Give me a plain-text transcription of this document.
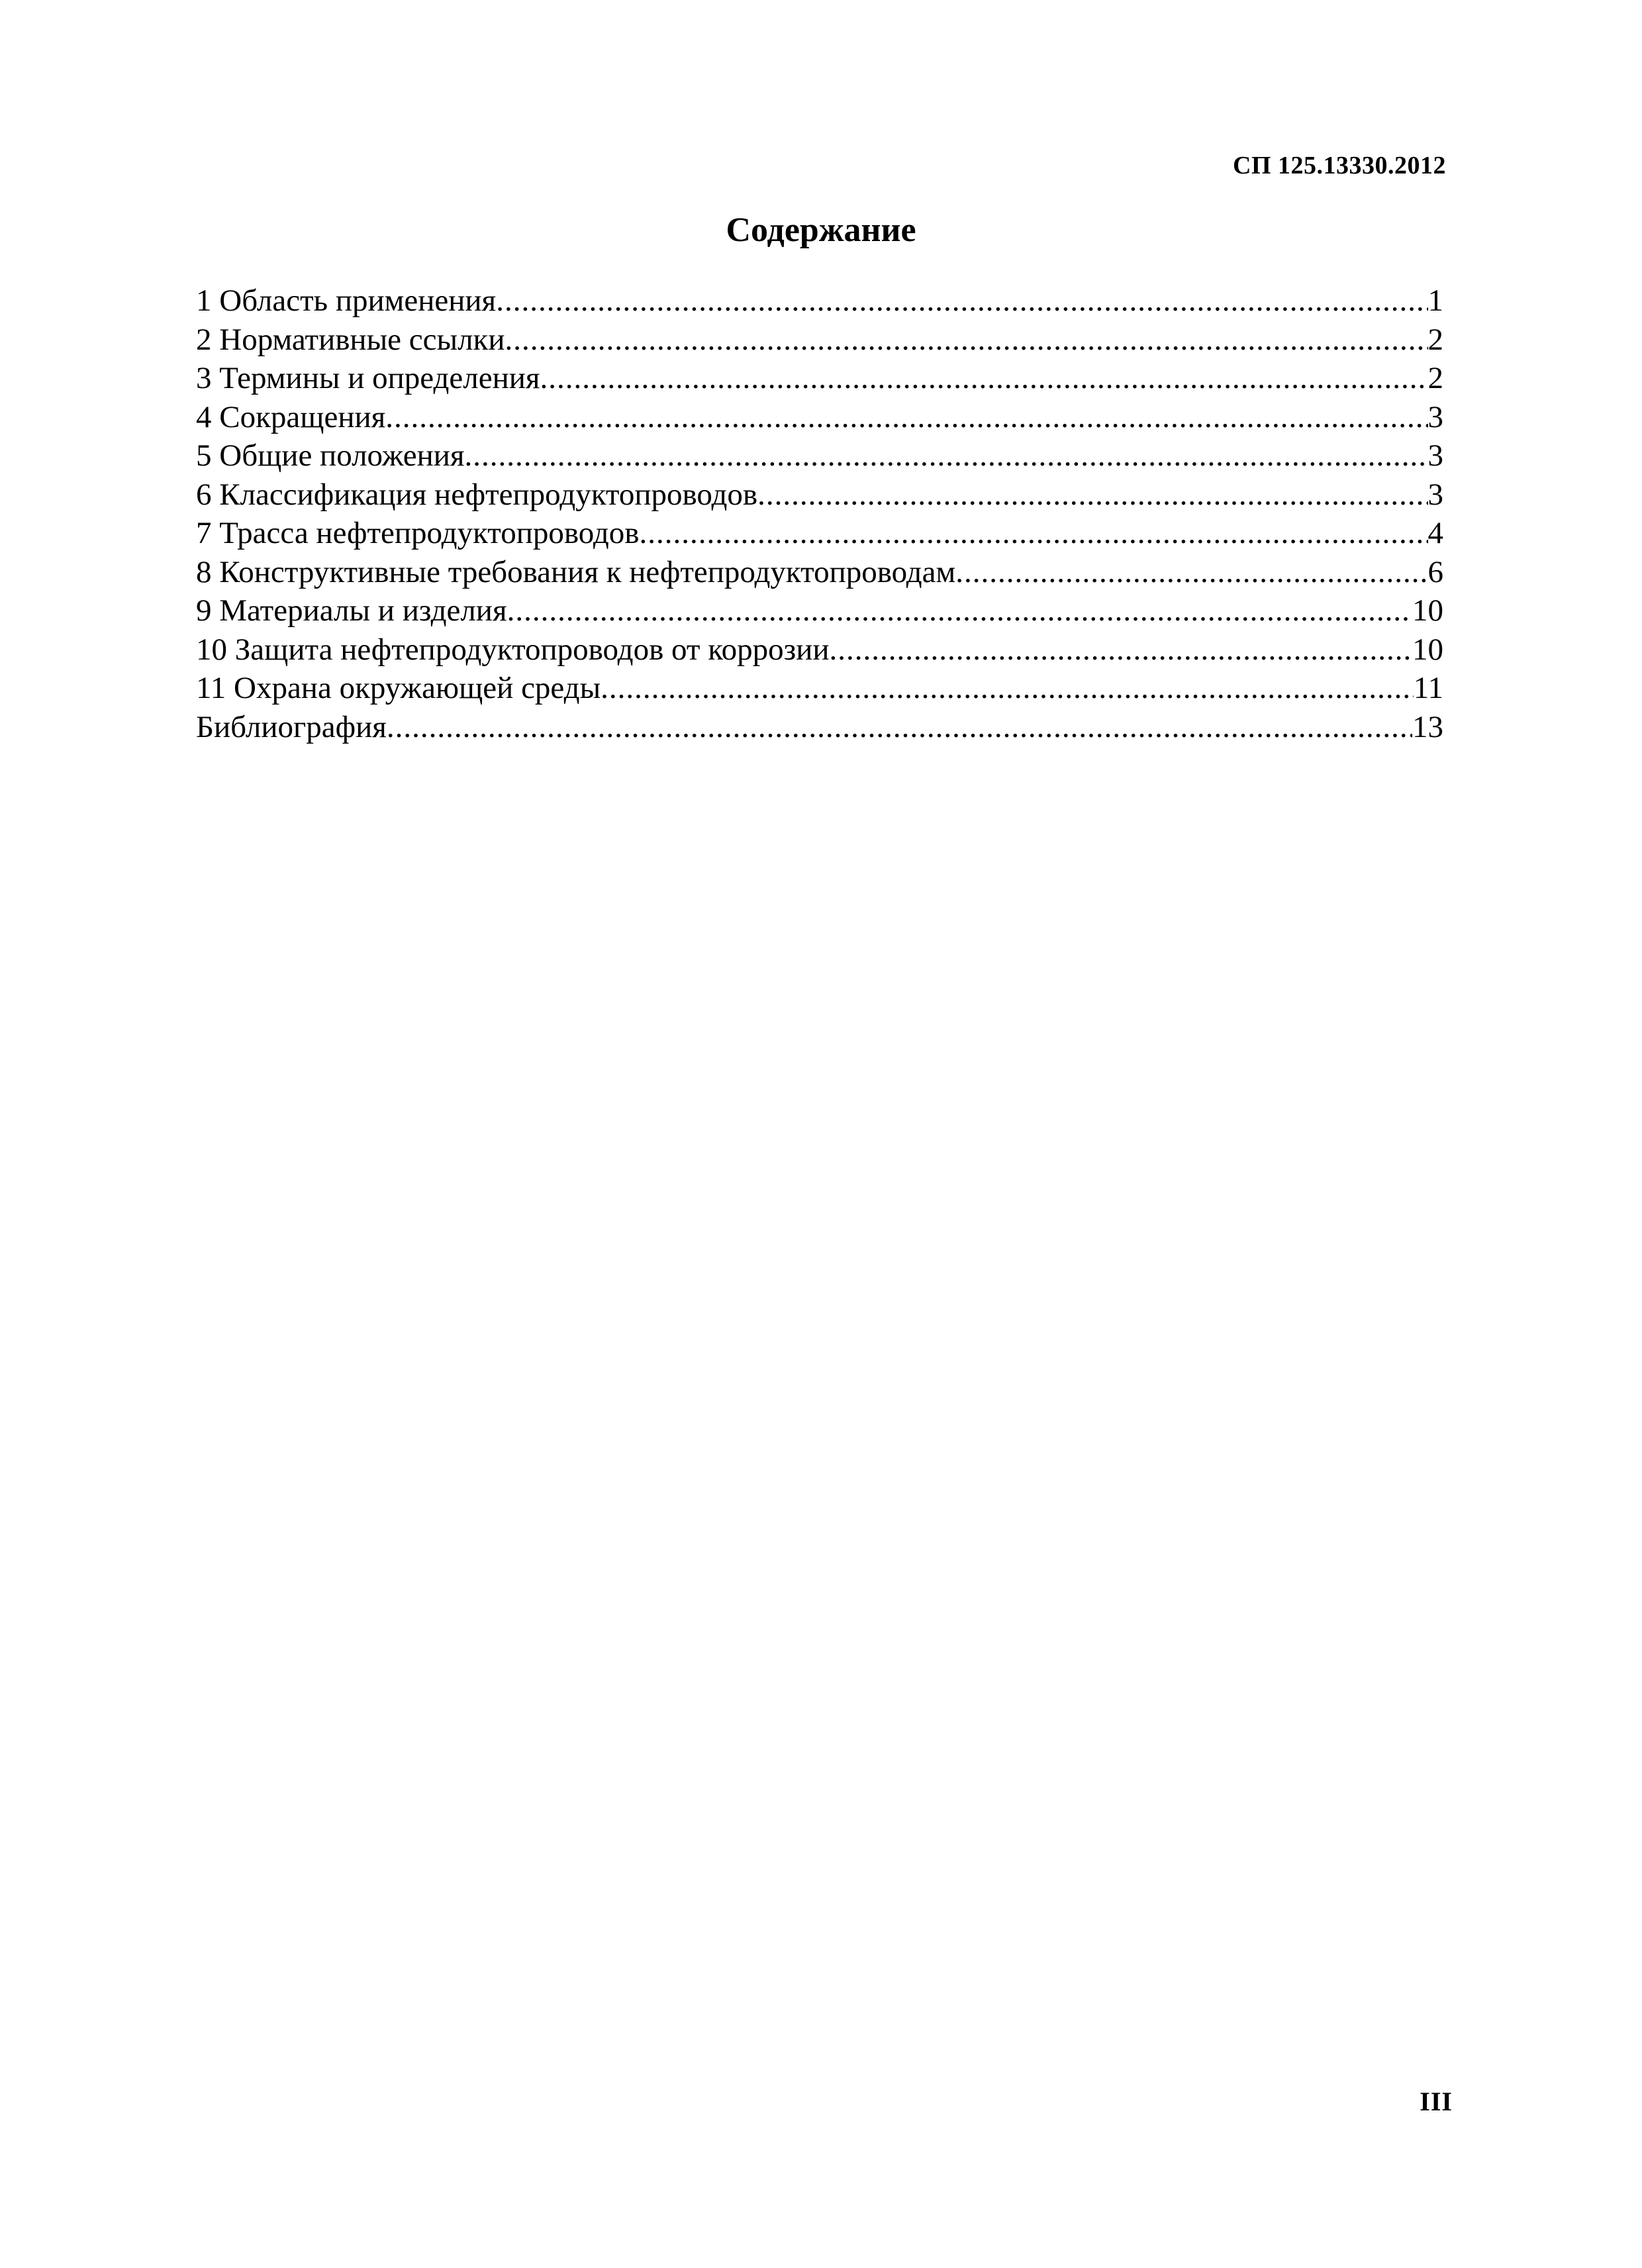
СП 125.13330.2012
Содержание
1 Область применения .....	1
2 Нормативные ссылки .....	2
3 Термины и определения .....	2
4 Сокращения .....	3
5 Общие положения .....	3
6 Классификация нефтепродуктопроводов .....	3
7 Трасса нефтепродуктопроводов .....	4
8 Конструктивные требования к нефтепродуктопроводам .....	6
9 Материалы и изделия .....	10
10 Защита нефтепродуктопроводов от коррозии .....	10
11 Охрана окружающей среды .....	11
Библиография .....	13
III
